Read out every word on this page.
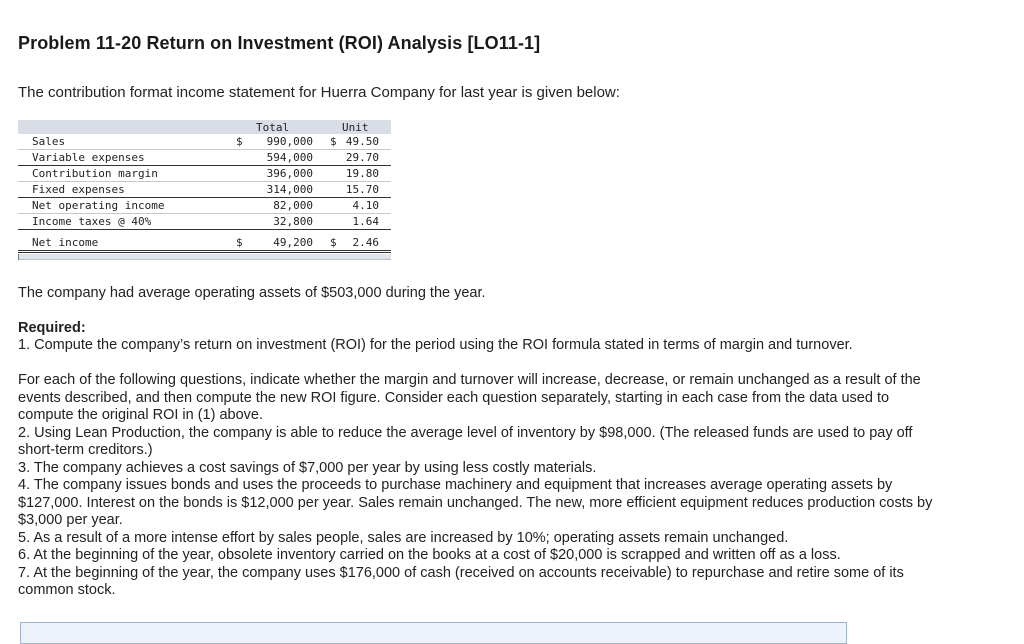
Problem 11-20 Return on Investment (ROI) Analysis [LO11-1]
The contribution format income statement for Huerra Company for last year is given below:
Total	Unit
Sales	$ 990,000 $ 49.50
Variable expenses	594,000	29.70
Contribution margin	396,000	19.80
Fixed expenses	314,000	15.70
Net operating income	82,000	4.10
Income taxes @ 40%	32,800	1.64
Net income	$	49,200 $ 2.46
The company had average operating assets of $503,000 during the year.
Required:
1. Compute the company’s return on investment (ROI) for the period using the ROI formula stated in terms of margin and turnover.

For each of the following questions, indicate whether the margin and turnover will increase, decrease, or remain unchanged as a result of the events described, and then compute the new ROI figure. Consider each question separately, starting in each case from the data used to compute the original ROI in (1) above.

2. Using Lean Production, the company is able to reduce the average level of inventory by $98,000. (The released funds are used to pay off short-term creditors.)

3. The company achieves a cost savings of $7,000 per year by using less costly materials.

4. The company issues bonds and uses the proceeds to purchase machinery and equipment that increases average operating assets by $127,000. Interest on the bonds is $12,000 per year. Sales remain unchanged. The new, more efficient equipment reduces production costs by $3,000 per year.

5. As a result of a more intense effort by sales people, sales are increased by 10%; operating assets remain unchanged.

6. At the beginning of the year, obsolete inventory carried on the books at a cost of $20,000 is scrapped and written off as a loss.

7. At the beginning of the year, the company uses $176,000 of cash (received on accounts receivable) to repurchase and retire some of its common stock.
